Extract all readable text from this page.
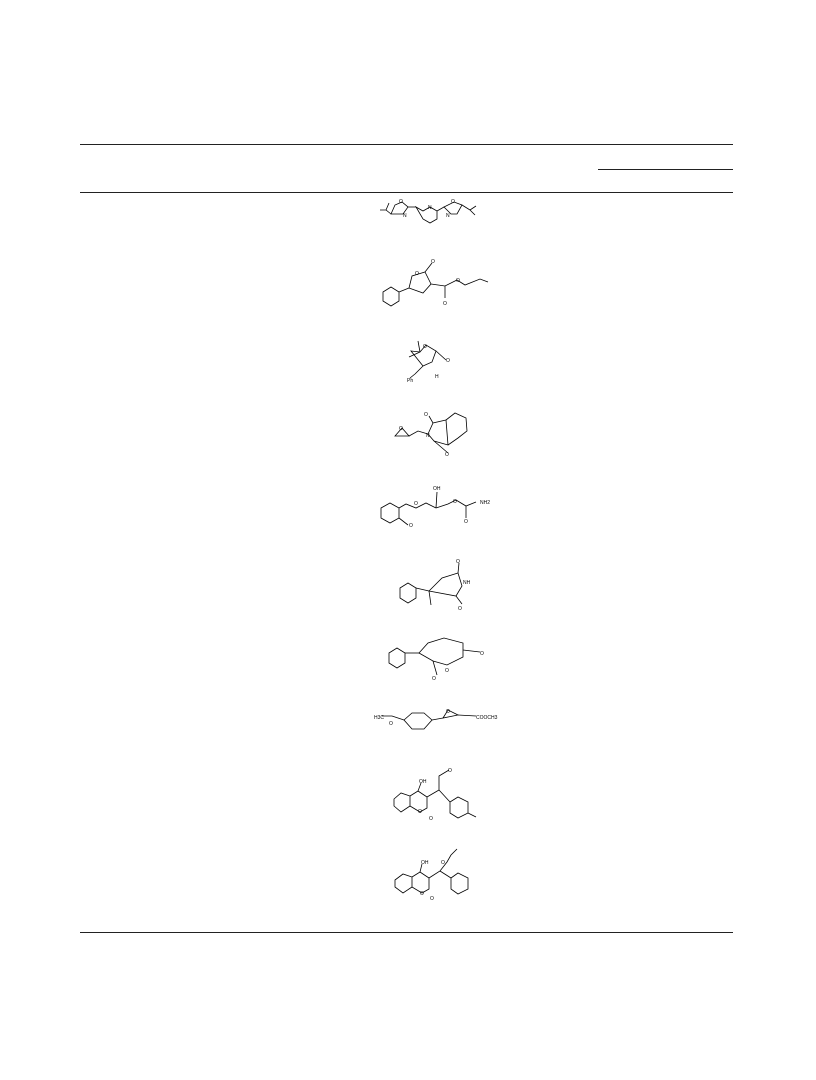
O
N	N
O
N
O
O
O
O
O
O
H
Ph
O
O
N
O
OH
O	O
O
NH2
O
O
NH
O
O
O
O
H3C
O
O
COOCH3
O
OH
O
O
OH	O
O
O
